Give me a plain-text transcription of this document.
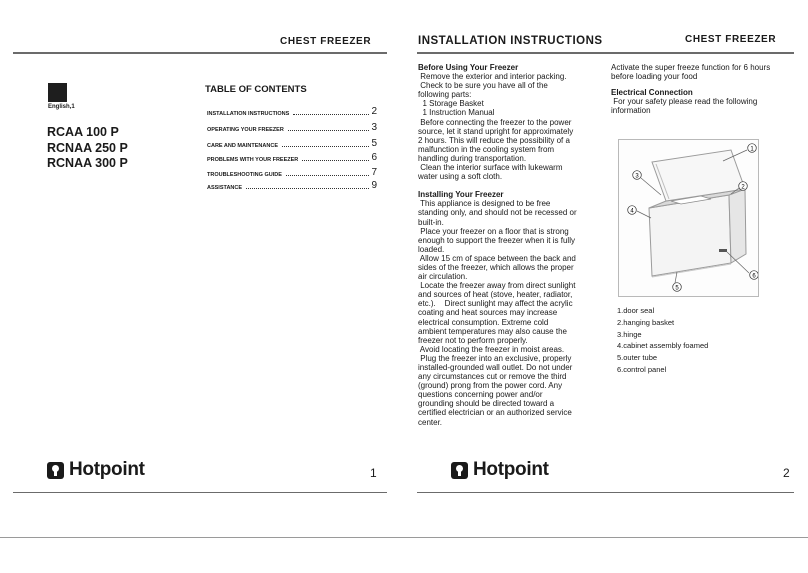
CHEST FREEZER
English,1
RCAA 100 P
RCNAA 250 P
RCNAA 300 P
TABLE OF CONTENTS
INSTALLATION INSTRUCTIONS	2
OPERATING YOUR FREEZER	3
CARE AND MAINTENANCE	5
PROBLEMS WITH YOUR FREEZER	6
TROUBLESHOOTING GUIDE	7
ASSISTANCE	9
Hotpoint	1
INSTALLATION INSTRUCTIONS	CHEST FREEZER

Before Using Your Freezer

Remove the exterior and interior packing.

Check to be sure you have all of the

following parts:

1 Storage Basket

1 Instruction Manual

Before connecting the freezer to the power

source, let it stand upright for approximately

2 hours. This will reduce the possibility of a

malfunction in the cooling system from

handling during transportation.

Clean the interior surface with lukewarm

water using a soft cloth.

Installing Your Freezer

This appliance is designed to be free

standing only, and should not be recessed or

built-in.

Place your freezer on a floor that is strong

enough to support the freezer when it is fully

loaded.

Allow 15 cm of space between the back and

sides of the freezer, which allows the proper

air circulation.

Locate the freezer away from direct sunlight

and sources of heat (stove, heater, radiator,

etc.).    Direct sunlight may affect the acrylic

coating and heat sources may increase

electrical consumption. Extreme cold

ambient temperatures may also cause the

freezer not to perform properly.

Avoid locating the freezer in moist areas.

Plug the freezer into an exclusive, properly

installed-grounded wall outlet. Do not under

any circumstances cut or remove the third

(ground) prong from the power cord. Any

questions concerning power and/or

grounding should be directed toward a

certified electrician or an authorized service

center.

Activate the super freeze function for 6 hours

before loading your food

Electrical Connection

For your safety please read the following

information

1
2
3
4
5
6
1.door seal
2.hanging basket
3.hinge
4.cabinet assembly foamed
5.outer tube
6.control panel
Hotpoint	2
